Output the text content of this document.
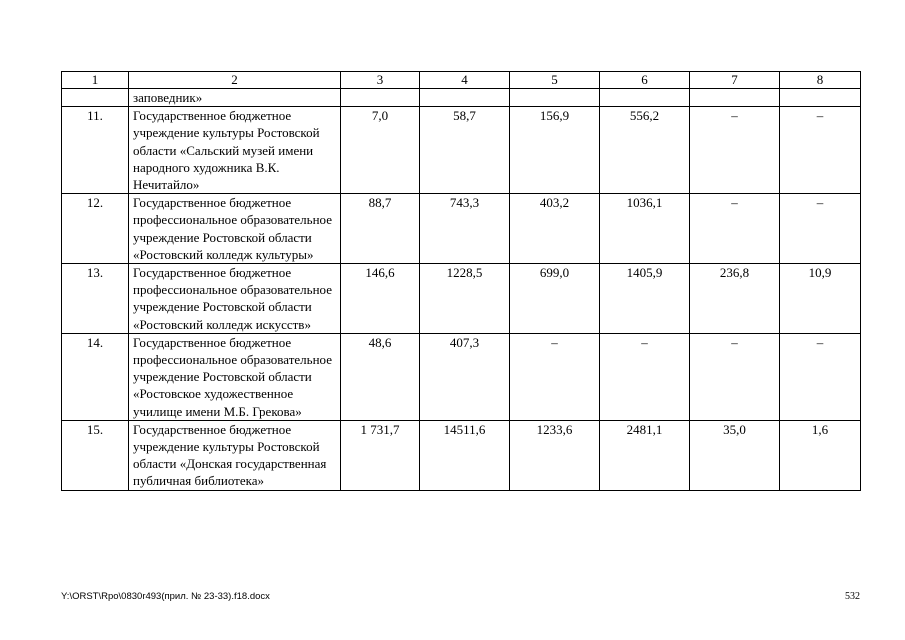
1	2	3	4	5	6	7	8
	заповедник»						
11.	Государственное бюджетное учреждение культуры Ростовской области «Сальский музей имени народного художника В.К. Нечитайло»	7,0	58,7	156,9	556,2	–	–
12.	Государственное бюджетное профессиональное образовательное учреждение Ростовской области «Ростовский колледж культуры»	88,7	743,3	403,2	1036,1	–	–
13.	Государственное бюджетное профессиональное образовательное учреждение Ростовской области «Ростовский колледж искусств»	146,6	1228,5	699,0	1405,9	236,8	10,9
14.	Государственное бюджетное профессиональное образовательное учреждение Ростовской области «Ростовское художественное училище имени М.Б. Грекова»	48,6	407,3	–	–	–	–
15.	Государственное бюджетное учреждение культуры Ростовской области «Донская государственная публичная библиотека»	1 731,7	14511,6	1233,6	2481,1	35,0	1,6
Y:\ORST\Rpo\0830r493(прил. № 23-33).f18.docx	532
